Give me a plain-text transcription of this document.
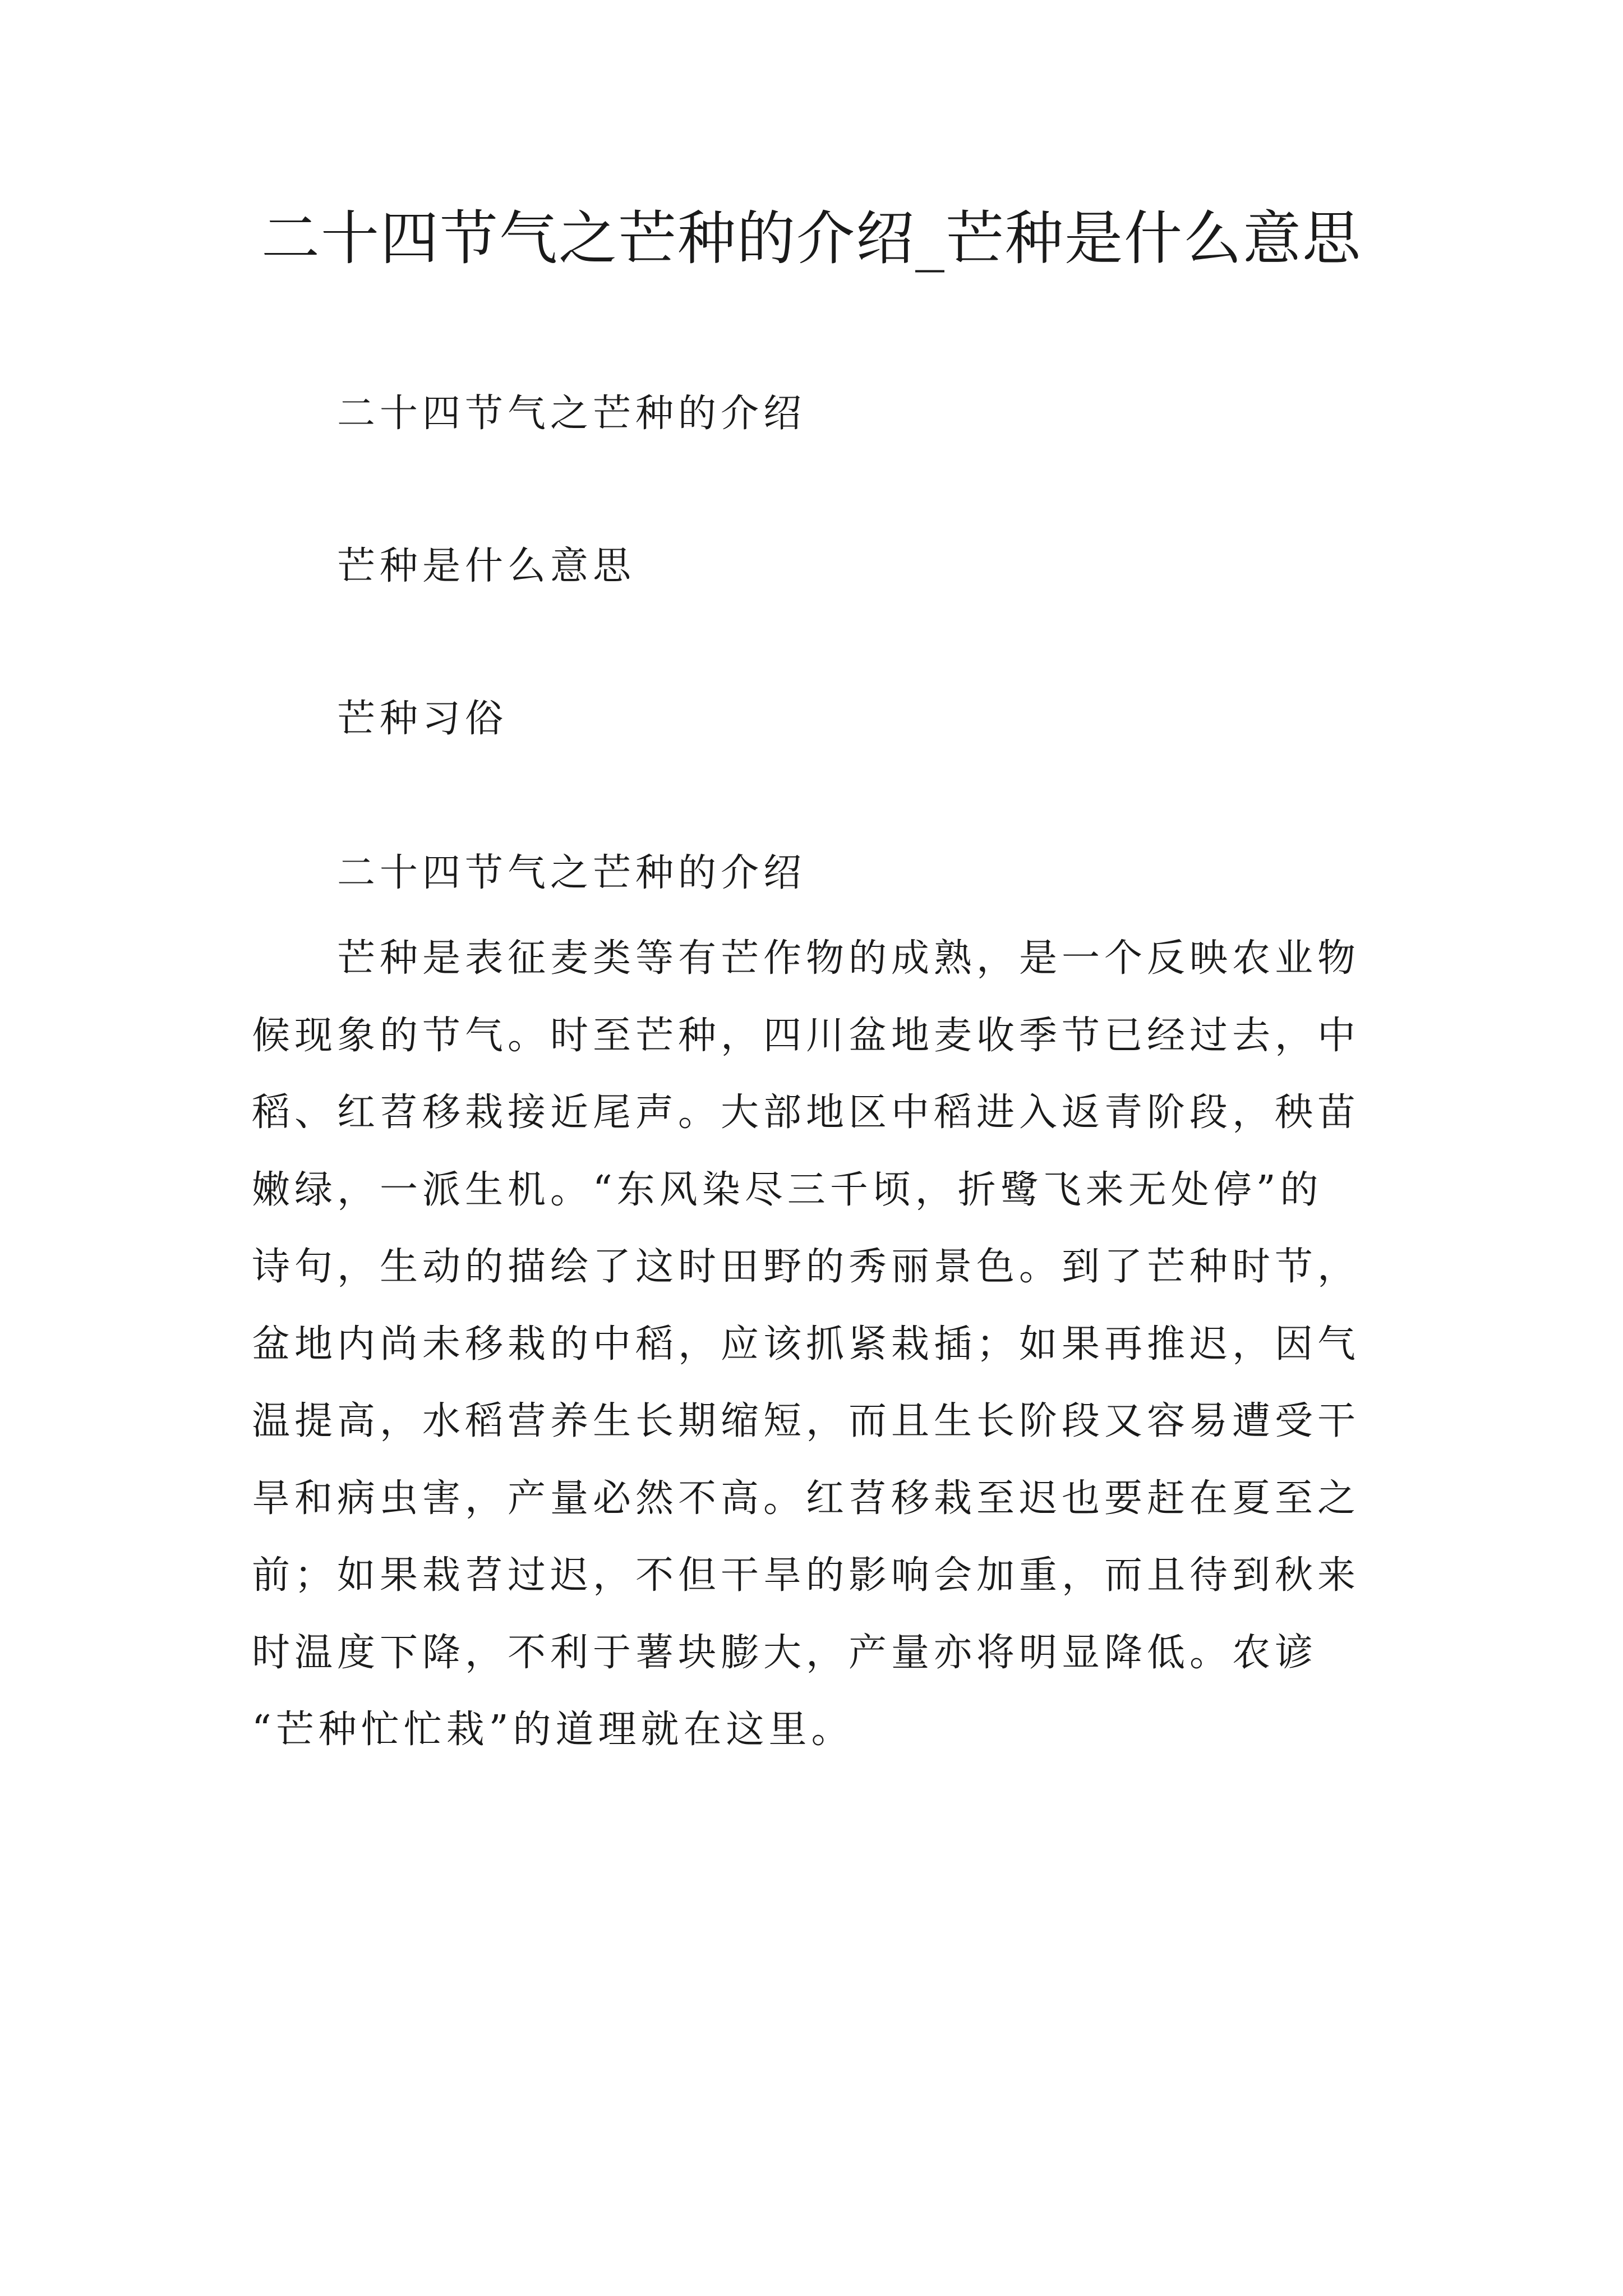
二十四节气之芒种的介绍_芒种是什么意思

二十四节气之芒种的介绍

芒种是什么意思

芒种习俗

二十四节气之芒种的介绍

　　芒种是表征麦类等有芒作物的成熟，是一个反映农业物
候现象的节气。时至芒种，四川盆地麦收季节已经过去，中
稻、红苕移栽接近尾声。大部地区中稻进入返青阶段，秧苗
嫩绿，一派生机。“东风染尽三千顷，折鹭飞来无处停”的
诗句，生动的描绘了这时田野的秀丽景色。到了芒种时节，
盆地内尚未移栽的中稻，应该抓紧栽插；如果再推迟，因气
温提高，水稻营养生长期缩短，而且生长阶段又容易遭受干
旱和病虫害，产量必然不高。红苕移栽至迟也要赶在夏至之
前；如果栽苕过迟，不但干旱的影响会加重，而且待到秋来
时温度下降，不利于薯块膨大，产量亦将明显降低。农谚
“芒种忙忙栽”的道理就在这里。
